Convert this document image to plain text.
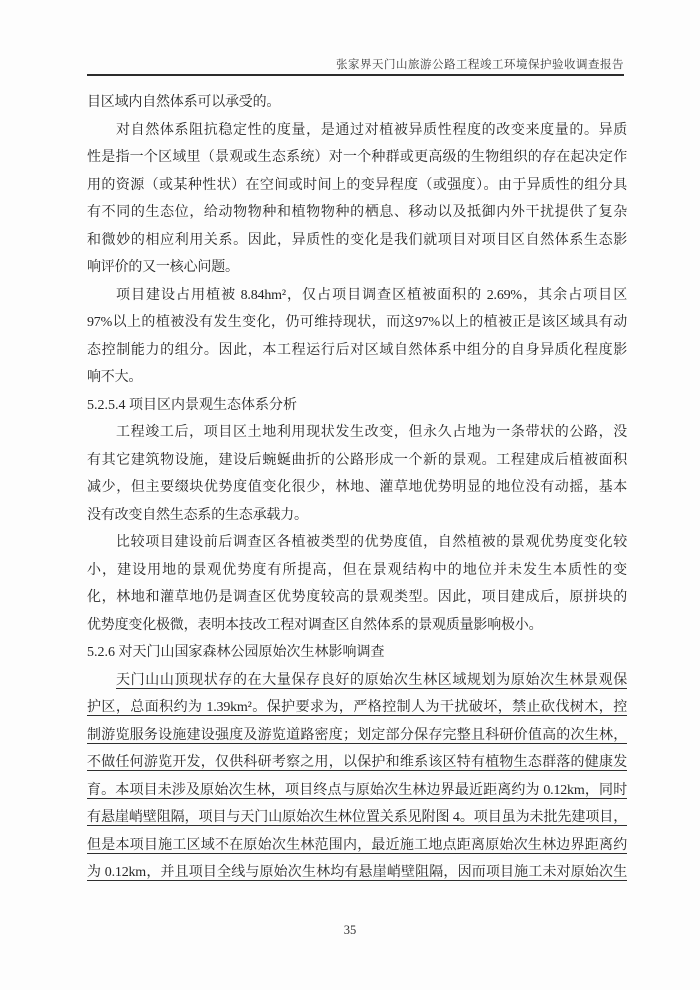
张家界天门山旅游公路工程竣工环境保护验收调查报告
目区域内自然体系可以承受的。
对自然体系阻抗稳定性的度量，是通过对植被异质性程度的改变来度量的。异质
性是指一个区域里（景观或生态系统）对一个种群或更高级的生物组织的存在起决定作
用的资源（或某种性状）在空间或时间上的变异程度（或强度）。由于异质性的组分具
有不同的生态位，给动物物种和植物物种的栖息、移动以及抵御内外干扰提供了复杂
和微妙的相应利用关系。因此，异质性的变化是我们就项目对项目区自然体系生态影
响评价的又一核心问题。
项目建设占用植被 8.84hm²，仅占项目调查区植被面积的 2.69%，其余占项目区
97%以上的植被没有发生变化，仍可维持现状，而这97%以上的植被正是该区域具有动
态控制能力的组分。因此，本工程运行后对区域自然体系中组分的自身异质化程度影
响不大。
5.2.5.4 项目区内景观生态体系分析
工程竣工后，项目区土地利用现状发生改变，但永久占地为一条带状的公路，没
有其它建筑物设施，建设后蜿蜒曲折的公路形成一个新的景观。工程建成后植被面积
减少，但主要缀块优势度值变化很少，林地、灌草地优势明显的地位没有动摇，基本
没有改变自然生态系的生态承载力。
比较项目建设前后调查区各植被类型的优势度值，自然植被的景观优势度变化较
小，建设用地的景观优势度有所提高，但在景观结构中的地位并未发生本质性的变
化，林地和灌草地仍是调查区优势度较高的景观类型。因此，项目建成后，原拼块的
优势度变化极微，表明本技改工程对调查区自然体系的景观质量影响极小。
5.2.6 对天门山国家森林公园原始次生林影响调查
天门山山顶现状存的在大量保存良好的原始次生林区域规划为原始次生林景观保
护区，总面积约为 1.39km²。保护要求为，严格控制人为干扰破坏，禁止砍伐树木，控
制游览服务设施建设强度及游览道路密度；划定部分保存完整且科研价值高的次生林，
不做任何游览开发，仅供科研考察之用，以保护和维系该区特有植物生态群落的健康发
育。本项目未涉及原始次生林，项目终点与原始次生林边界最近距离约为 0.12km，同时
有悬崖峭壁阻隔，项目与天门山原始次生林位置关系见附图 4。项目虽为未批先建项目，
但是本项目施工区域不在原始次生林范围内，最近施工地点距离原始次生林边界距离约
为 0.12km，并且项目全线与原始次生林均有悬崖峭壁阻隔，因而项目施工未对原始次生
35
